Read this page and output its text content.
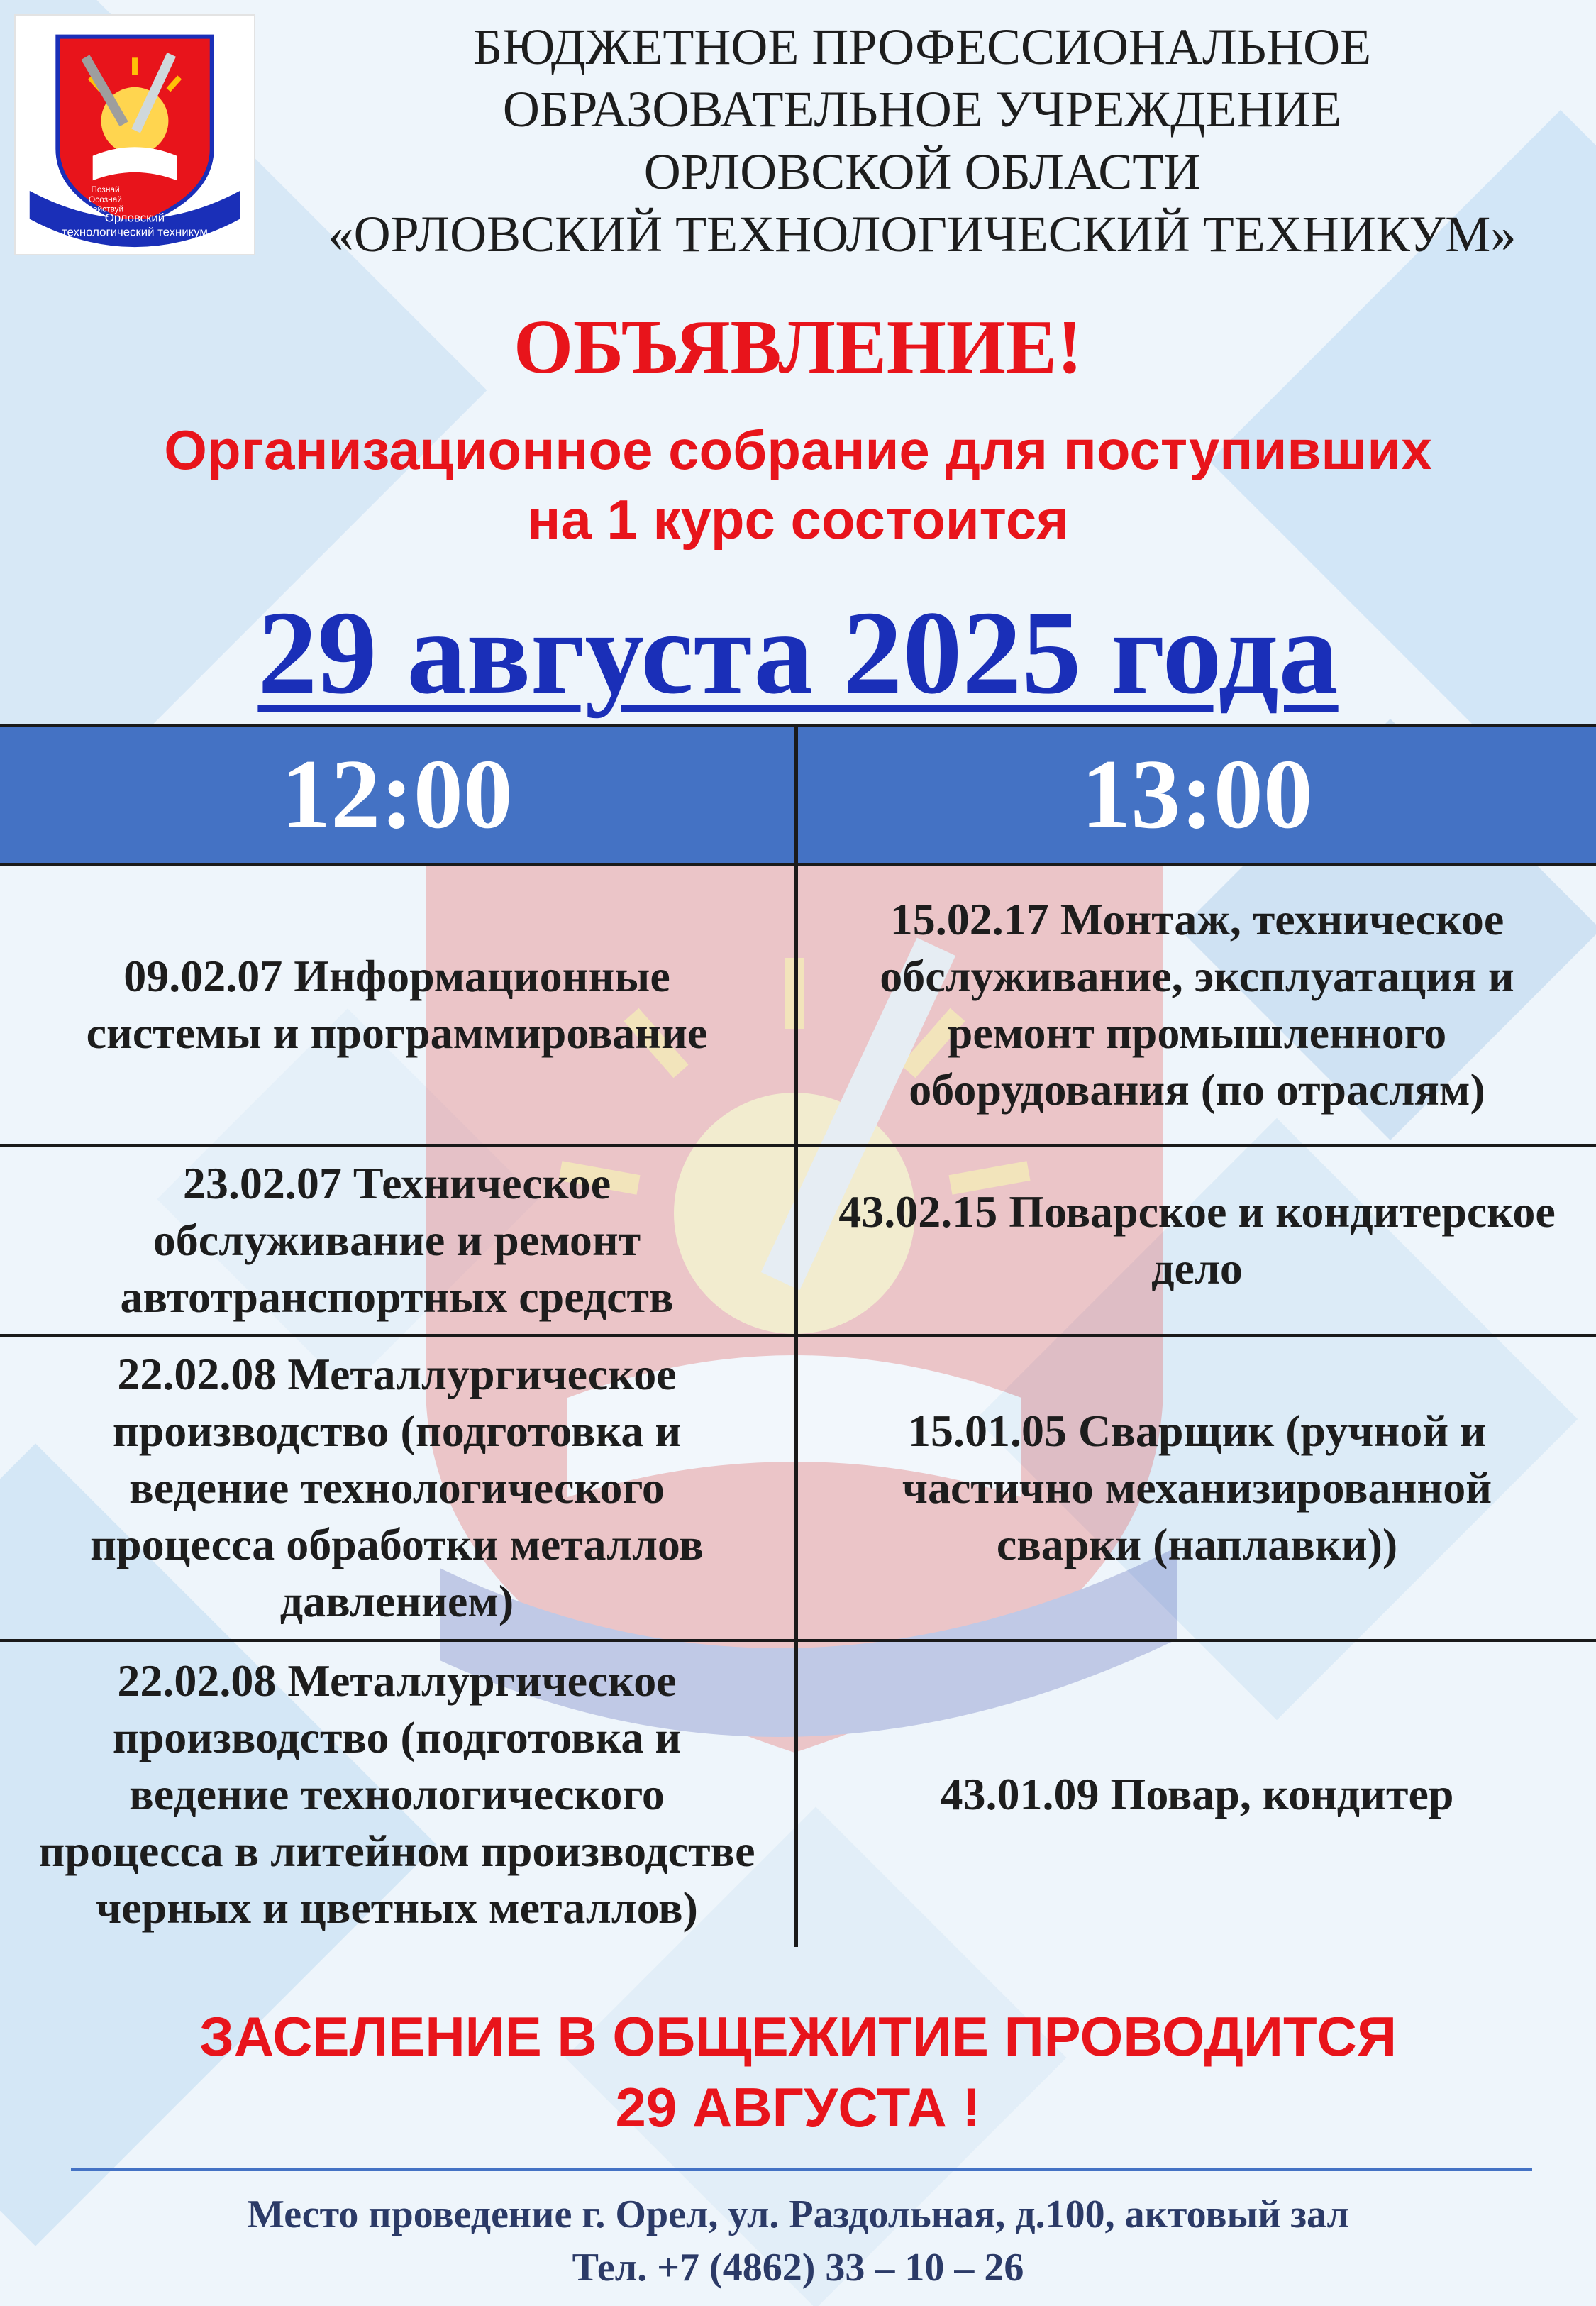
Познай
Осознай
Действуй
Орловский
технологический техникум
БЮДЖЕТНОЕ ПРОФЕССИОНАЛЬНОЕ
ОБРАЗОВАТЕЛЬНОЕ УЧРЕЖДЕНИЕ
ОРЛОВСКОЙ ОБЛАСТИ
«ОРЛОВСКИЙ ТЕХНОЛОГИЧЕСКИЙ ТЕХНИКУМ»
ОБЪЯВЛЕНИЕ!
Организационное собрание для поступивших
на 1 курс состоится
29 августа 2025 года
12:00	13:00
09.02.07 Информационные
системы и программирование
15.02.17 Монтаж, техническое
обслуживание, эксплуатация и
ремонт промышленного
оборудования (по отраслям)
23.02.07 Техническое
обслуживание и ремонт
автотранспортных средств
43.02.15 Поварское и кондитерское
дело
22.02.08 Металлургическое
производство (подготовка и
ведение технологического
процесса обработки металлов
давлением)
15.01.05 Сварщик (ручной и
частично механизированной
сварки (наплавки))
22.02.08 Металлургическое
производство (подготовка и
ведение технологического
процесса в литейном производстве
черных и цветных металлов)
43.01.09 Повар, кондитер
ЗАСЕЛЕНИЕ В ОБЩЕЖИТИЕ ПРОВОДИТСЯ
29 АВГУСТА !
Место проведение г. Орел, ул. Раздольная, д.100, актовый зал
Тел. +7 (4862) 33 – 10 – 26
